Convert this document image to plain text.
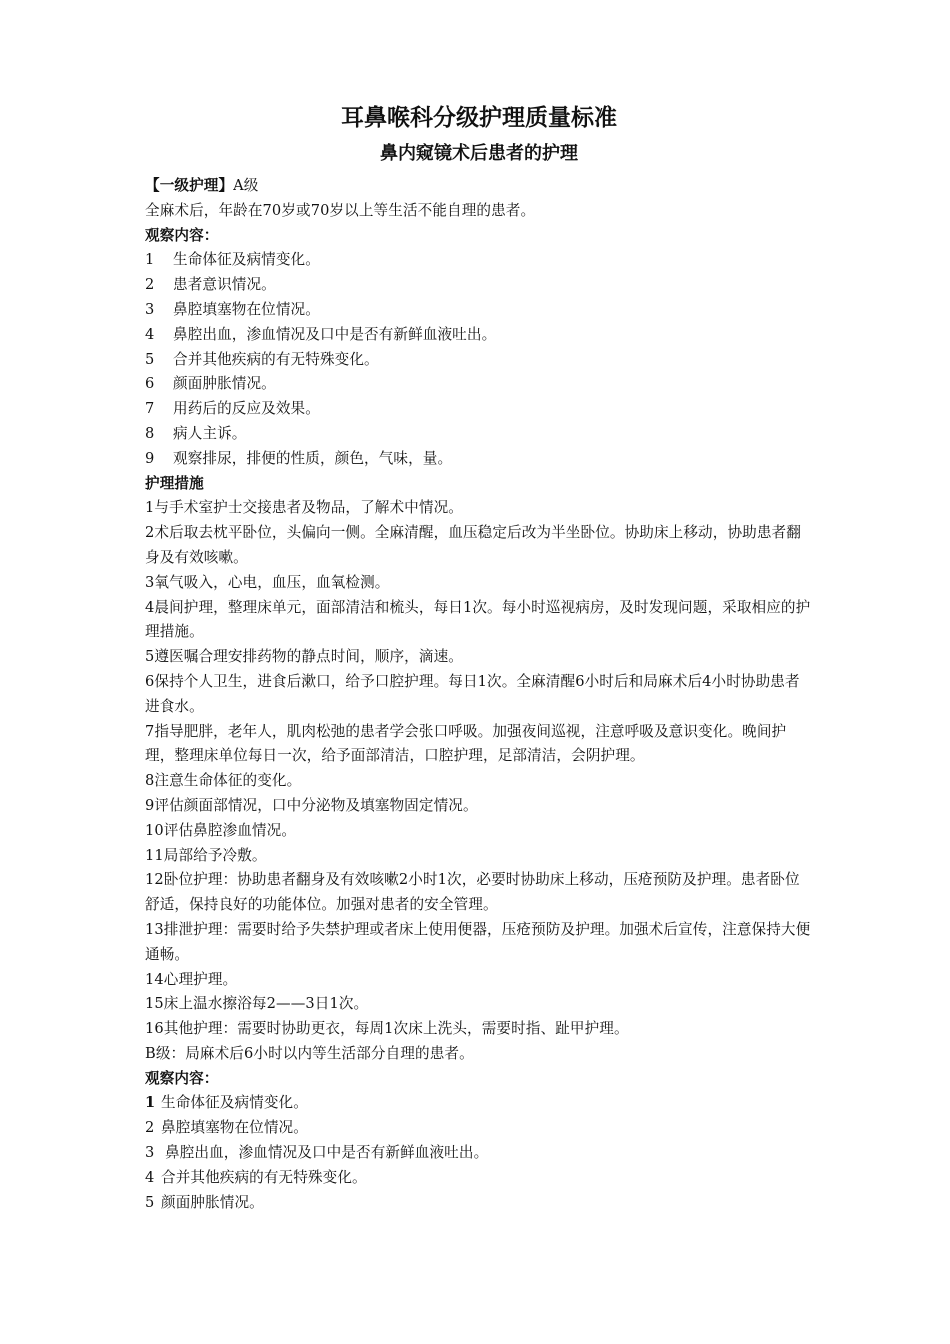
耳鼻喉科分级护理质量标准
鼻内窥镜术后患者的护理

【一级护理】A级

全麻术后，年龄在70岁或70岁以上等生活不能自理的患者。

观察内容：

1 生命体征及病情变化。

2 患者意识情况。

3 鼻腔填塞物在位情况。

4 鼻腔出血，渗血情况及口中是否有新鲜血液吐出。

5 合并其他疾病的有无特殊变化。

6 颜面肿胀情况。

7 用药后的反应及效果。

8 病人主诉。

9 观察排尿，排便的性质，颜色，气味，量。

护理措施

1与手术室护士交接患者及物品，了解术中情况。

2术后取去枕平卧位，头偏向一侧。全麻清醒，血压稳定后改为半坐卧位。协助床上移动，协助患者翻身及有效咳嗽。

3氧气吸入，心电，血压，血氧检测。

4晨间护理，整理床单元，面部清洁和梳头，每日1次。每小时巡视病房，及时发现问题，采取相应的护理措施。

5遵医嘱合理安排药物的静点时间，顺序，滴速。

6保持个人卫生，进食后漱口，给予口腔护理。每日1次。全麻清醒6小时后和局麻术后4小时协助患者进食水。

7指导肥胖，老年人，肌肉松弛的患者学会张口呼吸。加强夜间巡视，注意呼吸及意识变化。晚间护理，整理床单位每日一次，给予面部清洁，口腔护理，足部清洁，会阴护理。

8注意生命体征的变化。

9评估颜面部情况，口中分泌物及填塞物固定情况。

10评估鼻腔渗血情况。

11局部给予冷敷。

12卧位护理：协助患者翻身及有效咳嗽2小时1次，必要时协助床上移动，压疮预防及护理。患者卧位舒适，保持良好的功能体位。加强对患者的安全管理。

13排泄护理：需要时给予失禁护理或者床上使用便器，压疮预防及护理。加强术后宣传，注意保持大便通畅。

14心理护理。

15床上温水擦浴每2——3日1次。

16其他护理：需要时协助更衣，每周1次床上洗头，需要时指、趾甲护理。

B级：局麻术后6小时以内等生活部分自理的患者。

观察内容：

1 生命体征及病情变化。

2 鼻腔填塞物在位情况。

3 鼻腔出血，渗血情况及口中是否有新鲜血液吐出。

4 合并其他疾病的有无特殊变化。

5 颜面肿胀情况。
